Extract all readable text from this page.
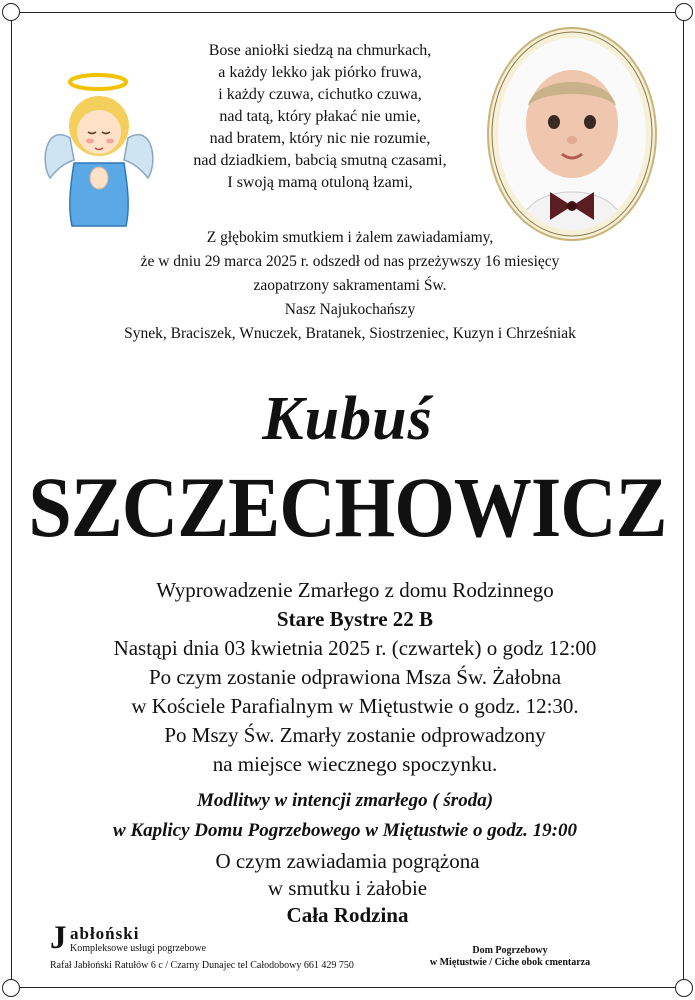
Bose aniołki siedzą na chmurkach,
a każdy lekko jak piórko fruwa,
i każdy czuwa, cichutko czuwa,
nad tatą, który płakać nie umie,
nad bratem, który nic nie rozumie,
nad dziadkiem, babcią smutną czasami,
I swoją mamą otuloną łzami,
Z głębokim smutkiem i żalem zawiadamiamy,
że w dniu 29 marca 2025 r. odszedł od nas przeżywszy 16 miesięcy
zaopatrzony sakramentami Św.
Nasz Najukochańszy
Synek, Braciszek, Wnuczek, Bratanek, Siostrzeniec, Kuzyn i Chrześniak
Kubuś
SZCZECHOWICZ
Wyprowadzenie Zmarłego z domu Rodzinnego
Stare Bystre 22 B
Nastąpi dnia 03 kwietnia 2025 r. (czwartek) o godz 12:00
Po czym zostanie odprawiona Msza Św. Żałobna
w Kościele Parafialnym w Miętustwie o godz. 12:30.
Po Mszy Św. Zmarły zostanie odprowadzony
na miejsce wiecznego spoczynku.
Modlitwy w intencji zmarłego ( środa)
w Kaplicy Domu Pogrzebowego w Miętustwie o godz. 19:00
O czym zawiadamia pogrążona
w smutku i żałobie
Cała Rodzina
J abłoński
Kompleksowe usługi pogrzebowe
Rafał Jabłoński Ratułów 6 c / Czarny Dunajec tel Całodobowy 661 429 750
Dom Pogrzebowy
w Miętustwie / Ciche obok cmentarza
